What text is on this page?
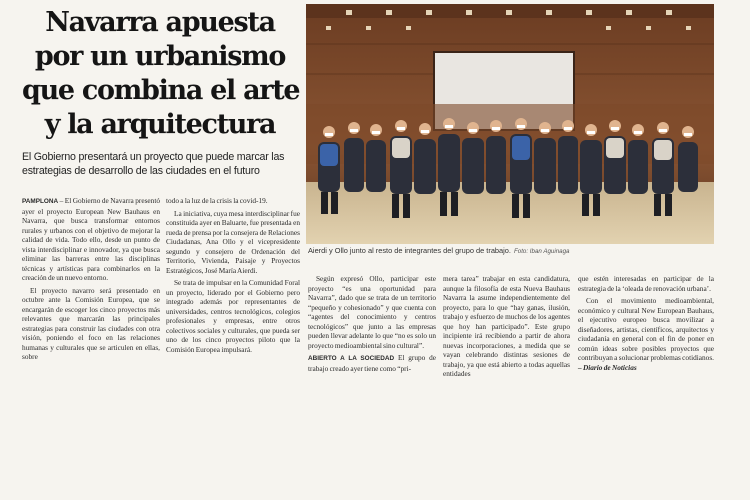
Navarra apuesta
por un urbanismo
que combina el arte
y la arquitectura
El Gobierno presentará un proyecto que puede marcar las estrategias de desarrollo de las ciudades en el futuro
Aierdi y Ollo junto al resto de integrantes del grupo de trabajo. Foto: Iban Aguinaga

PAMPLONA – El Gobierno de Navarra presentó ayer el proyecto European New Bauhaus en Navarra, que busca transformar entornos rurales y urbanos con el objetivo de mejorar la calidad de vida. Todo ello, desde un punto de vista interdisciplinar e innovador, ya que busca eliminar las barreras entre las disciplinas técnicas y artísticas para combinarlos en la creación de un nuevo entorno.

El proyecto navarro será presentado en octubre ante la Comisión Europea, que se encargarán de escoger los cinco proyectos más relevantes que marcarán las principales estrategias para construir las ciudades con otra visión, poniendo el foco en las relaciones humanas y culturales que se articulen en ellas, sobre

todo a la luz de la crisis la covid-19.

La iniciativa, cuya mesa interdisciplinar fue constituida ayer en Baluarte, fue presentada en rueda de prensa por la consejera de Relaciones Ciudadanas, Ana Ollo y el vicepresidente segundo y consejero de Ordenación del Territorio, Vivienda, Paisaje y Proyectos Estratégicos, José María Aierdi.

Se trata de impulsar en la Comunidad Foral un proyecto, liderado por el Gobierno pero integrado además por representantes de universidades, centros tecnológicos, colegios profesionales y empresas, entre otros colectivos sociales y culturales, que pueda ser uno de los cinco proyectos piloto que la Comisión Europea impulsará.

Según expresó Ollo, participar este proyecto “es una oportunidad para Navarra”, dado que se trata de un territorio “pequeño y cohesionado” y que cuenta con “agentes del conocimiento y centros tecnológicos” que junto a las empresas pueden llevar adelante lo que “no es solo un proyecto medioambiental sino cultural”.

ABIERTO A LA SOCIEDAD El grupo de trabajo creado ayer tiene como “pri-

mera tarea” trabajar en esta candidatura, aunque la filosofía de esta Nueva Bauhaus Navarra la asume independientemente del proyecto, para lo que “hay ganas, ilusión, trabajo y esfuerzo de muchos de los agentes que hoy han participado”. Este grupo incipiente irá recibiendo a partir de ahora nuevas incorporaciones, a medida que se vayan celebrando distintas sesiones de trabajo, ya que está abierto a todas aquellas entidades

que estén interesadas en participar de la estrategia de la ‘oleada de renovación urbana’.

Con el movimiento medioambiental, económico y cultural New European Bauhaus, el ejecutivo europeo busca movilizar a diseñadores, artistas, científicos, arquitectos y ciudadanía en general con el fin de poner en común ideas sobre posibles proyectos que contribuyan a solucionar problemas cotidianos. – Diario de Noticias
